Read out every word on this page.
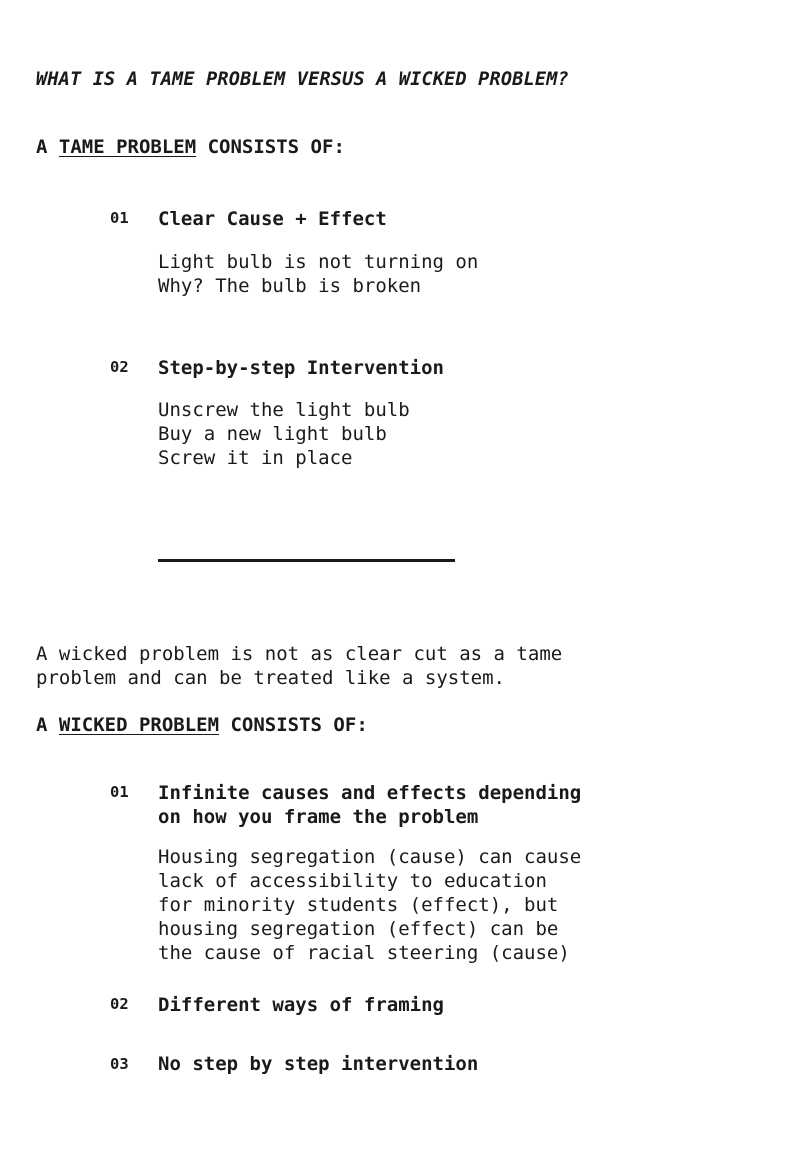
WHAT IS A TAME PROBLEM VERSUS A WICKED PROBLEM?
A TAME PROBLEM CONSISTS OF:
01 Clear Cause + Effect
Light bulb is not turning on
Why? The bulb is broken
02 Step-by-step Intervention
Unscrew the light bulb
Buy a new light bulb
Screw it in place
A wicked problem is not as clear cut as a tame
problem and can be treated like a system.
A WICKED PROBLEM CONSISTS OF:
01 Infinite causes and effects depending
on how you frame the problem
Housing segregation (cause) can cause
lack of accessibility to education
for minority students (effect), but
housing segregation (effect) can be
the cause of racial steering (cause)
02 Different ways of framing
03 No step by step intervention
